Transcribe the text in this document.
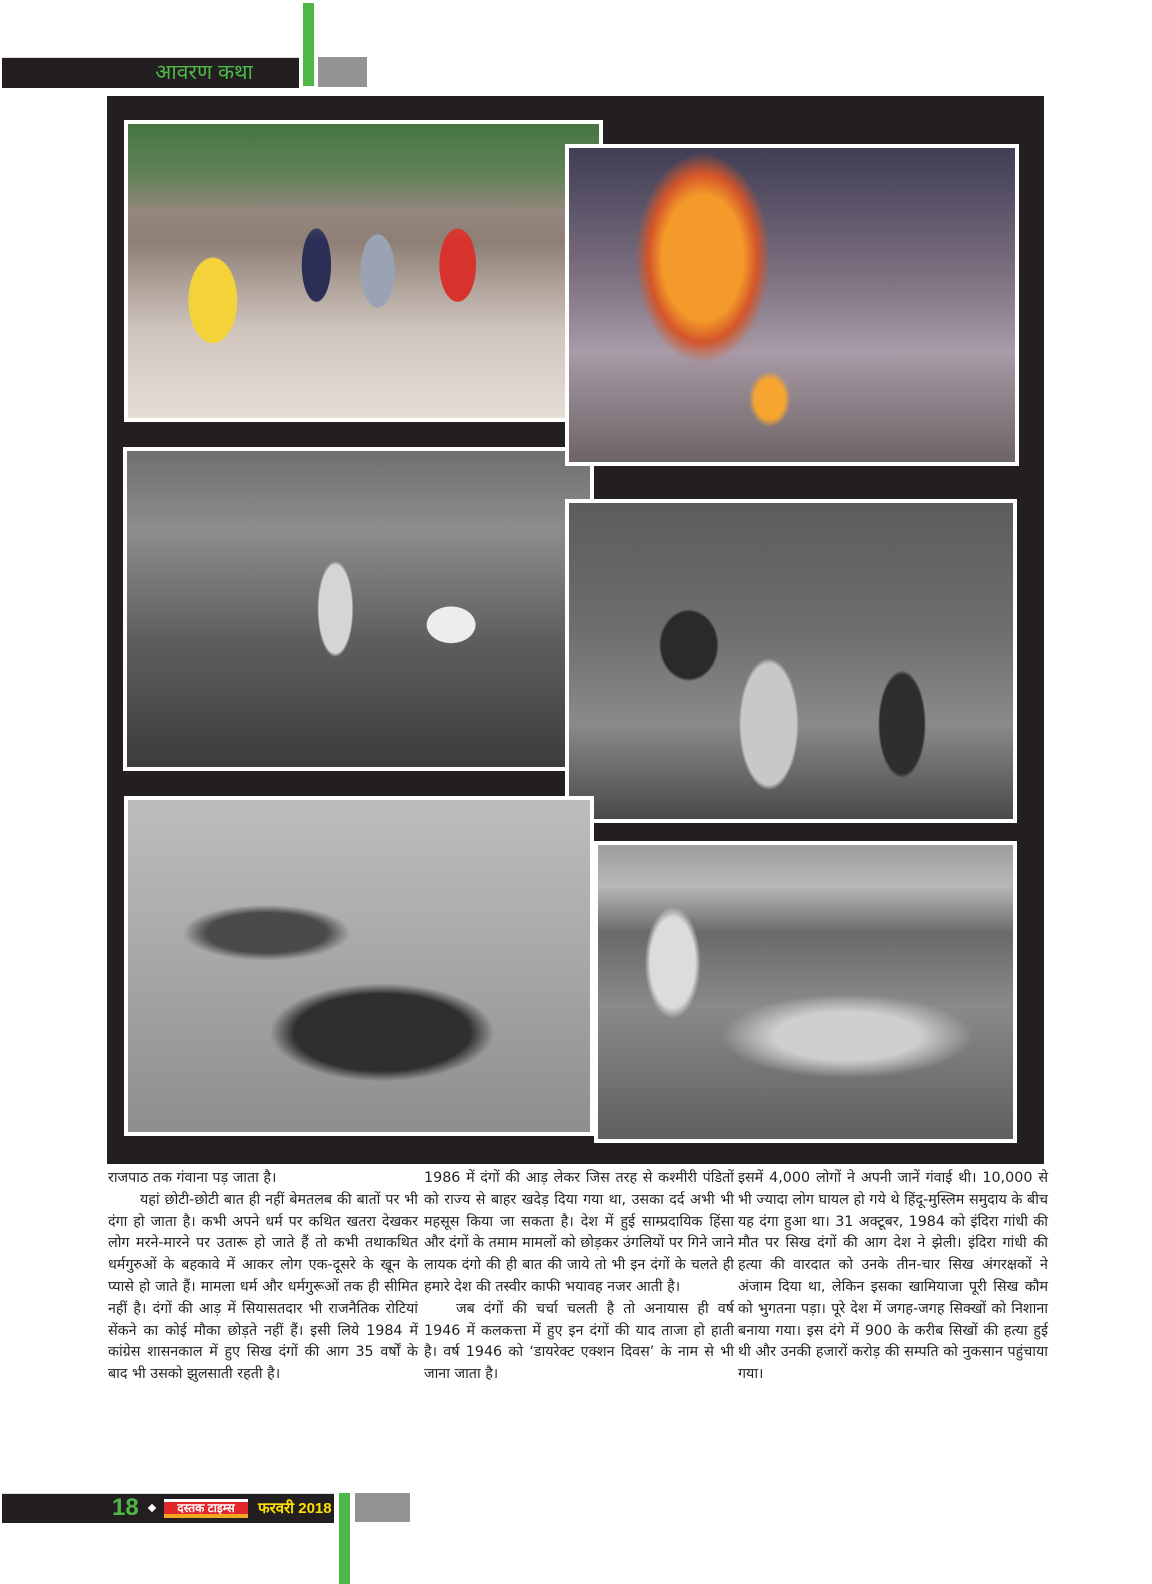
आवरण कथा

राजपाठ तक गंवाना पड़ जाता है।

यहां छोटी-छोटी बात ही नहीं बेमतलब की बातों पर भी दंगा हो जाता है। कभी अपने धर्म पर कथित खतरा देखकर लोग मरने-मारने पर उतारू हो जाते हैं तो कभी तथाकथित धर्मगुरुओं के बहकावे में आकर लोग एक-दूसरे के खून के प्यासे हो जाते हैं। मामला धर्म और धर्मगुरूओं तक ही सीमित नहीं है। दंगों की आड़ में सियासतदार भी राजनैतिक रोटियां सेंकने का कोई मौका छोड़ते नहीं हैं। इसी लिये 1984 में कांग्रेस शासनकाल में हुए सिख दंगों की आग 35 वर्षों के बाद भी उसको झुलसाती रहती है।

1986 में दंगों की आड़ लेकर जिस तरह से कश्मीरी पंडितों को राज्य से बाहर खदेड़ दिया गया था, उसका दर्द अभी भी महसूस किया जा सकता है। देश में हुई साम्प्रदायिक हिंसा और दंगों के तमाम मामलों को छोड़कर उंगलियों पर गिने जाने लायक दंगो की ही बात की जाये तो भी इन दंगों के चलते ही हमारे देश की तस्वीर काफी भयावह नजर आती है।

जब दंगों की चर्चा चलती है तो अनायास ही वर्ष 1946 में कलकत्ता में हुए इन दंगों की याद ताजा हो हाती है। वर्ष 1946 को ‘डायरेक्ट एक्शन दिवस’ के नाम से भी जाना जाता है।

इसमें 4,000 लोगों ने अपनी जानें गंवाई थी। 10,000 से भी ज्यादा लोग घायल हो गये थे हिंदू-मुस्लिम समुदाय के बीच यह दंगा हुआ था। 31 अक्टूबर, 1984 को इंदिरा गांधी की मौत पर सिख दंगों की आग देश ने झेली। इंदिरा गांधी की हत्या की वारदात को उनके तीन-चार सिख अंगरक्षकों ने अंजाम दिया था, लेकिन इसका खामियाजा पूरी सिख कौम को भुगतना पड़ा। पूरे देश में जगह-जगह सिक्खों को निशाना बनाया गया। इस दंगे में 900 के करीब सिखों की हत्या हुई थी और उनकी हजारों करोड़ की सम्पति को नुकसान पहुंचाया गया।

18	दस्तक टाइम्स	फरवरी 2018
